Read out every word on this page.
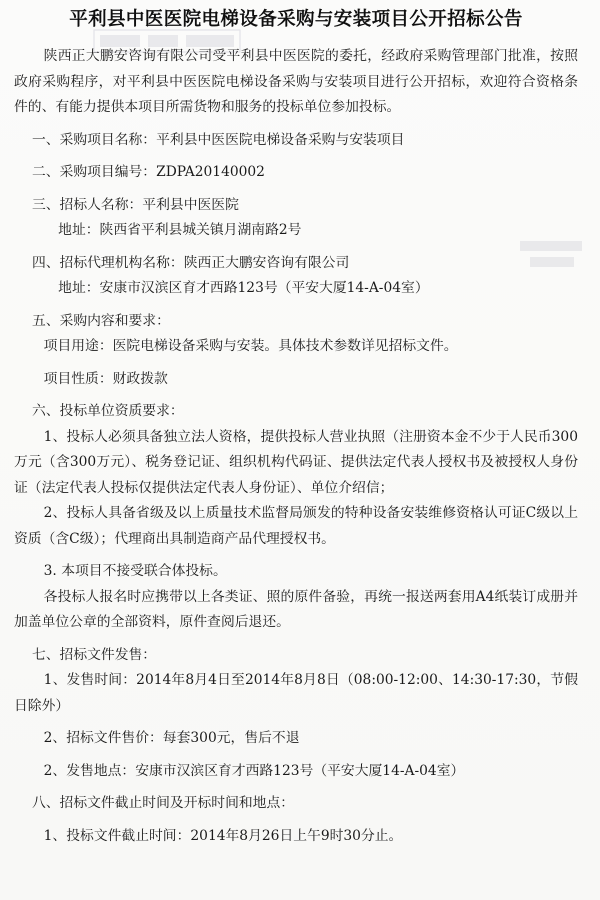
平利县中医医院电梯设备采购与安装项目公开招标公告

陕西正大鹏安咨询有限公司受平利县中医医院的委托，经政府采购管理部门批准，按照政府采购程序，对平利县中医医院电梯设备采购与安装项目进行公开招标，欢迎符合资格条件的、有能力提供本项目所需货物和服务的投标单位参加投标。

一、采购项目名称：平利县中医医院电梯设备采购与安装项目

二、采购项目编号：ZDPA20140002

三、招标人名称：平利县中医医院

地址：陕西省平利县城关镇月湖南路2号

四、招标代理机构名称：陕西正大鹏安咨询有限公司

地址：安康市汉滨区育才西路123号（平安大厦14-A-04室）

五、采购内容和要求：

项目用途：医院电梯设备采购与安装。具体技术参数详见招标文件。

项目性质：财政拨款

六、投标单位资质要求：

1、投标人必须具备独立法人资格，提供投标人营业执照（注册资本金不少于人民币300万元（含300万元）、税务登记证、组织机构代码证、提供法定代表人授权书及被授权人身份证（法定代表人投标仅提供法定代表人身份证）、单位介绍信；

2、投标人具备省级及以上质量技术监督局颁发的特种设备安装维修资格认可证C级以上资质（含C级）；代理商出具制造商产品代理授权书。

3. 本项目不接受联合体投标。

各投标人报名时应携带以上各类证、照的原件备验，再统一报送两套用A4纸装订成册并加盖单位公章的全部资料，原件查阅后退还。

七、招标文件发售：

1、发售时间：2014年8月4日至2014年8月8日（08:00-12:00、14:30-17:30，节假日除外）

2、招标文件售价：每套300元，售后不退

2、发售地点：安康市汉滨区育才西路123号（平安大厦14-A-04室）

八、招标文件截止时间及开标时间和地点：

1、投标文件截止时间：2014年8月26日上午9时30分止。
